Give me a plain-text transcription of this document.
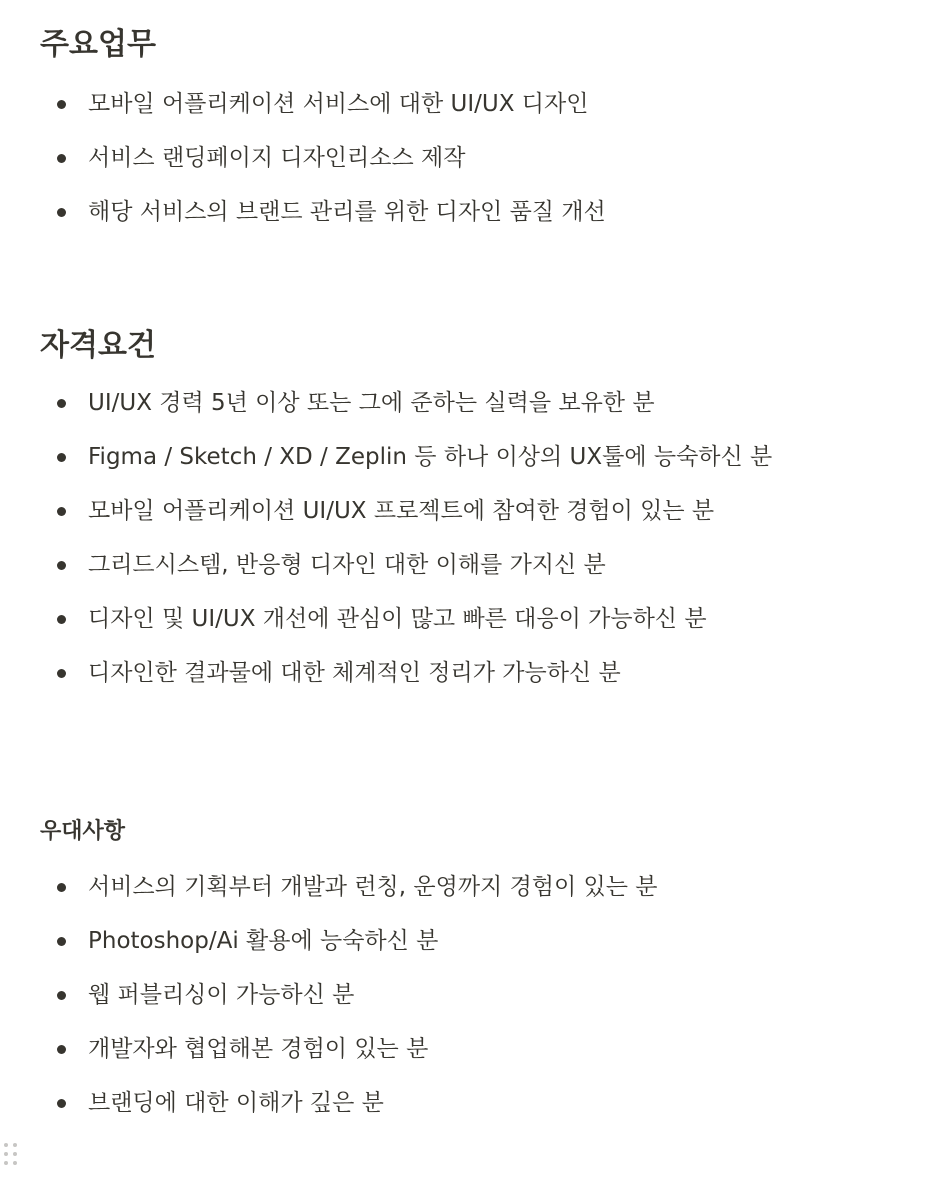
주요업무
모바일 어플리케이션 서비스에 대한 UI/UX 디자인
서비스 랜딩페이지 디자인리소스 제작
해당 서비스의 브랜드 관리를 위한 디자인 품질 개선
자격요건
UI/UX 경력 5년 이상 또는 그에 준하는 실력을 보유한 분
Figma / Sketch / XD / Zeplin 등 하나 이상의 UX툴에 능숙하신 분
모바일 어플리케이션 UI/UX 프로젝트에 참여한 경험이 있는 분
그리드시스템, 반응형 디자인 대한 이해를 가지신 분
디자인 및 UI/UX 개선에 관심이 많고 빠른 대응이 가능하신 분
디자인한 결과물에 대한 체계적인 정리가 가능하신 분
우대사항
서비스의 기획부터 개발과 런칭, 운영까지 경험이 있는 분
Photoshop/Ai 활용에 능숙하신 분
웹 퍼블리싱이 가능하신 분
개발자와 협업해본 경험이 있는 분
브랜딩에 대한 이해가 깊은 분
